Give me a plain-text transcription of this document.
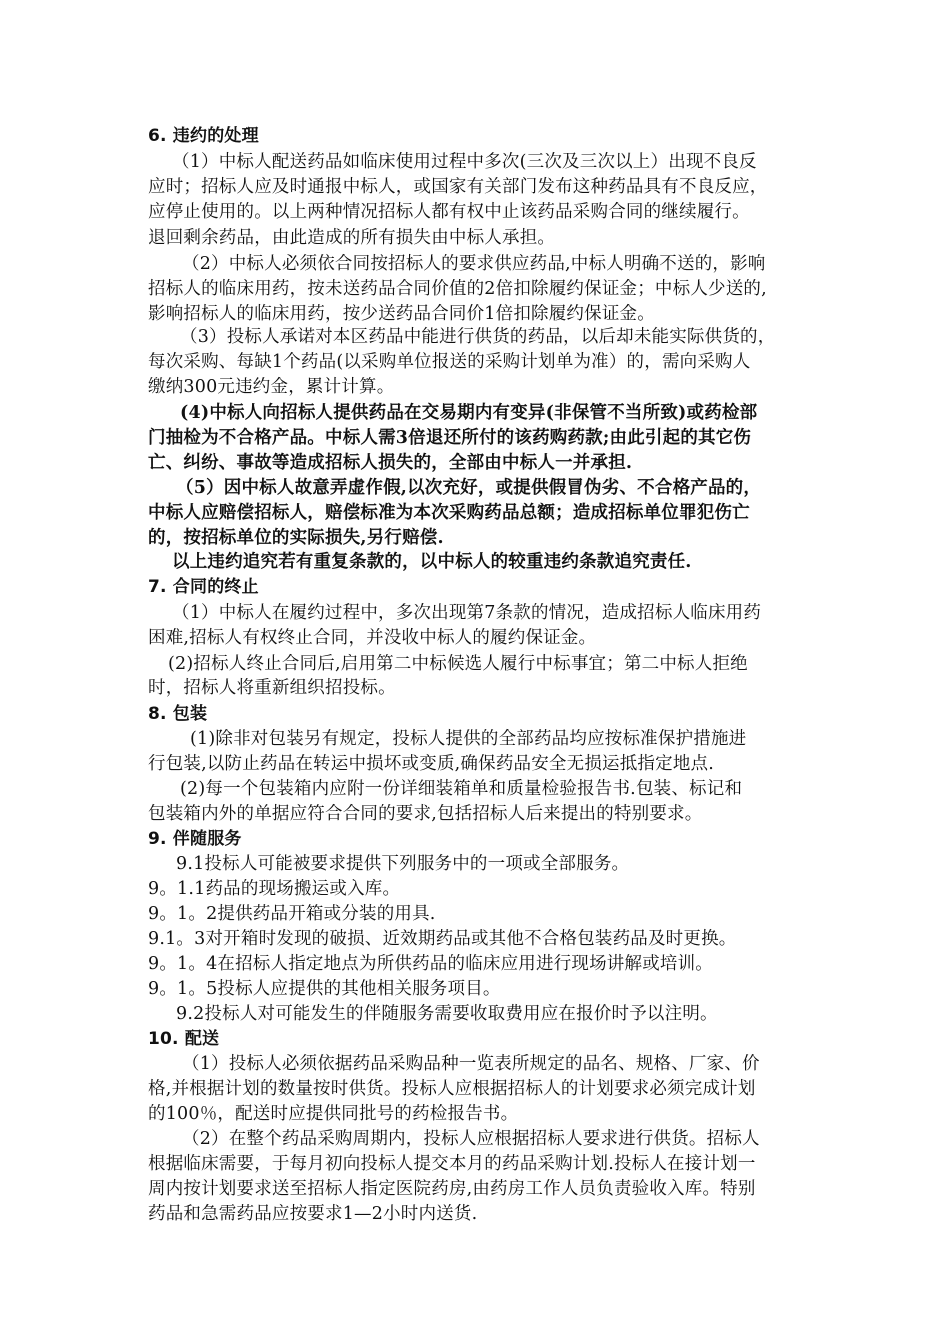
6. 违约的处理
（1）中标人配送药品如临床使用过程中多次(三次及三次以上）出现不良反
应时；招标人应及时通报中标人，或国家有关部门发布这种药品具有不良反应，
应停止使用的。以上两种情况招标人都有权中止该药品采购合同的继续履行。
退回剩余药品，由此造成的所有损失由中标人承担。
（2）中标人必须依合同按招标人的要求供应药品,中标人明确不送的，影响
招标人的临床用药，按未送药品合同价值的2倍扣除履约保证金；中标人少送的,
影响招标人的临床用药，按少送药品合同价1倍扣除履约保证金。
（3）投标人承诺对本区药品中能进行供货的药品，以后却未能实际供货的，
每次采购、每缺1个药品(以采购单位报送的采购计划单为准）的，需向采购人
缴纳300元违约金，累计计算。
(4)中标人向招标人提供药品在交易期内有变异(非保管不当所致)或药检部
门抽检为不合格产品。中标人需3倍退还所付的该药购药款;由此引起的其它伤
亡、纠纷、事故等造成招标人损失的，全部由中标人一并承担.
（5）因中标人故意弄虚作假,以次充好，或提供假冒伪劣、不合格产品的，
中标人应赔偿招标人，赔偿标准为本次采购药品总额；造成招标单位罪犯伤亡
的，按招标单位的实际损失,另行赔偿.
以上违约追究若有重复条款的，以中标人的较重违约条款追究责任.
7. 合同的终止
（1）中标人在履约过程中，多次出现第7条款的情况，造成招标人临床用药
困难,招标人有权终止合同，并没收中标人的履约保证金。
(2)招标人终止合同后,启用第二中标候选人履行中标事宜；第二中标人拒绝
时，招标人将重新组织招投标。
8. 包装
(1)除非对包装另有规定，投标人提供的全部药品均应按标准保护措施进
行包装,以防止药品在转运中损坏或变质,确保药品安全无损运抵指定地点.
(2)每一个包装箱内应附一份详细装箱单和质量检验报告书.包装、标记和
包装箱内外的单据应符合合同的要求,包括招标人后来提出的特别要求。
9. 伴随服务
9.1投标人可能被要求提供下列服务中的一项或全部服务。
9。1.1药品的现场搬运或入库。
9。1。2提供药品开箱或分装的用具.
9.1。3对开箱时发现的破损、近效期药品或其他不合格包装药品及时更换。
9。1。4在招标人指定地点为所供药品的临床应用进行现场讲解或培训。
9。1。5投标人应提供的其他相关服务项目。
9.2投标人对可能发生的伴随服务需要收取费用应在报价时予以注明。
10. 配送
（1）投标人必须依据药品采购品种一览表所规定的品名、规格、厂家、价
格,并根据计划的数量按时供货。投标人应根据招标人的计划要求必须完成计划
的100％，配送时应提供同批号的药检报告书。
（2）在整个药品采购周期内，投标人应根据招标人要求进行供货。招标人
根据临床需要，于每月初向投标人提交本月的药品采购计划.投标人在接计划一
周内按计划要求送至招标人指定医院药房,由药房工作人员负责验收入库。特别
药品和急需药品应按要求1—2小时内送货.
